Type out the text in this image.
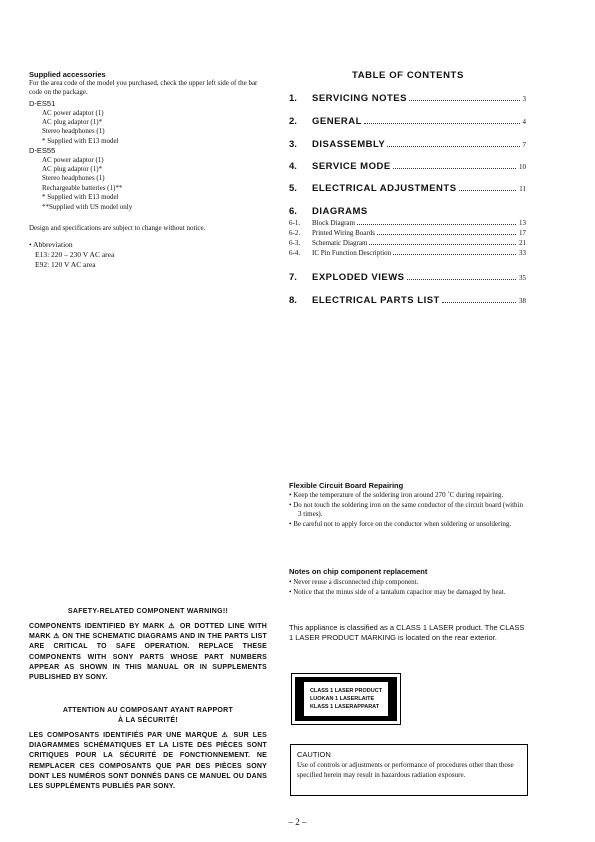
Supplied accessories
For the area code of the model you purchased, check the upper left side of the bar code on the package.
D-ES51
AC power adaptor (1)
AC plug adaptor (1)*
Stereo headphones (1)
* Supplied with E13 model
D-ES55
AC power adaptor (1)
AC plug adaptor (1)*
Stereo headphones (1)
Rechargeable batteries (1)**
* Supplied with E13 model
**Supplied with US model only
Design and specifications are subject to change without notice.
• Abbreviation
E13: 220 – 230 V AC area
E92: 120 V AC area
TABLE OF CONTENTS
1.	SERVICING NOTES	3
2.	GENERAL	4
3.	DISASSEMBLY	7
4.	SERVICE MODE	10
5.	ELECTRICAL ADJUSTMENTS	11
6.	DIAGRAMS
6-1.	Block Diagram	13
6-2.	Printed Wiring Boards	17
6-3.	Schematic Diagram	21
6-4.	IC Pin Function Description	33
7.	EXPLODED VIEWS	35
8.	ELECTRICAL PARTS LIST	38
Flexible Circuit Board Repairing
• Keep the temperature of the soldering iron around 270 ˚C during repairing.
• Do not touch the soldering iron on the same conductor of the circuit board (within 3 times).
• Be careful not to apply force on the conductor when soldering or unsoldering.
Notes on chip component replacement
• Never reuse a disconnected chip component.
• Notice that the minus side of a tantalum capacitor may be damaged by heat.
This appliance is classified as a CLASS 1 LASER product. The CLASS 1 LASER PRODUCT MARKING is located on the rear exterior.
CLASS 1 LASER PRODUCT
LUOKAN 1 LASERLAITE
KLASS 1 LASERAPPARAT
CAUTION
Use of controls or adjustments or performance of procedures other than those specified herein may result in hazardous radiation exposure.
SAFETY-RELATED COMPONENT WARNING!!
COMPONENTS IDENTIFIED BY MARK ⚠ OR DOTTED LINE WITH MARK ⚠ ON THE SCHEMATIC DIAGRAMS AND IN THE PARTS LIST ARE CRITICAL TO SAFE OPERATION. REPLACE THESE COMPONENTS WITH SONY PARTS WHOSE PART NUMBERS APPEAR AS SHOWN IN THIS MANUAL OR IN SUPPLEMENTS PUBLISHED BY SONY.
ATTENTION AU COMPOSANT AYANT RAPPORT
À LA SÉCURITÉ!
LES COMPOSANTS IDENTIFIÉS PAR UNE MARQUE ⚠ SUR LES DIAGRAMMES SCHÉMATIQUES ET LA LISTE DES PIÈCES SONT CRITIQUES POUR LA SÉCURITÉ DE FONCTIONNEMENT. NE REMPLACER CES COMPOSANTS QUE PAR DES PIÈCES SONY DONT LES NUMÉROS SONT DONNÉS DANS CE MANUEL OU DANS LES SUPPLÉMENTS PUBLIÉS PAR SONY.
– 2 –
